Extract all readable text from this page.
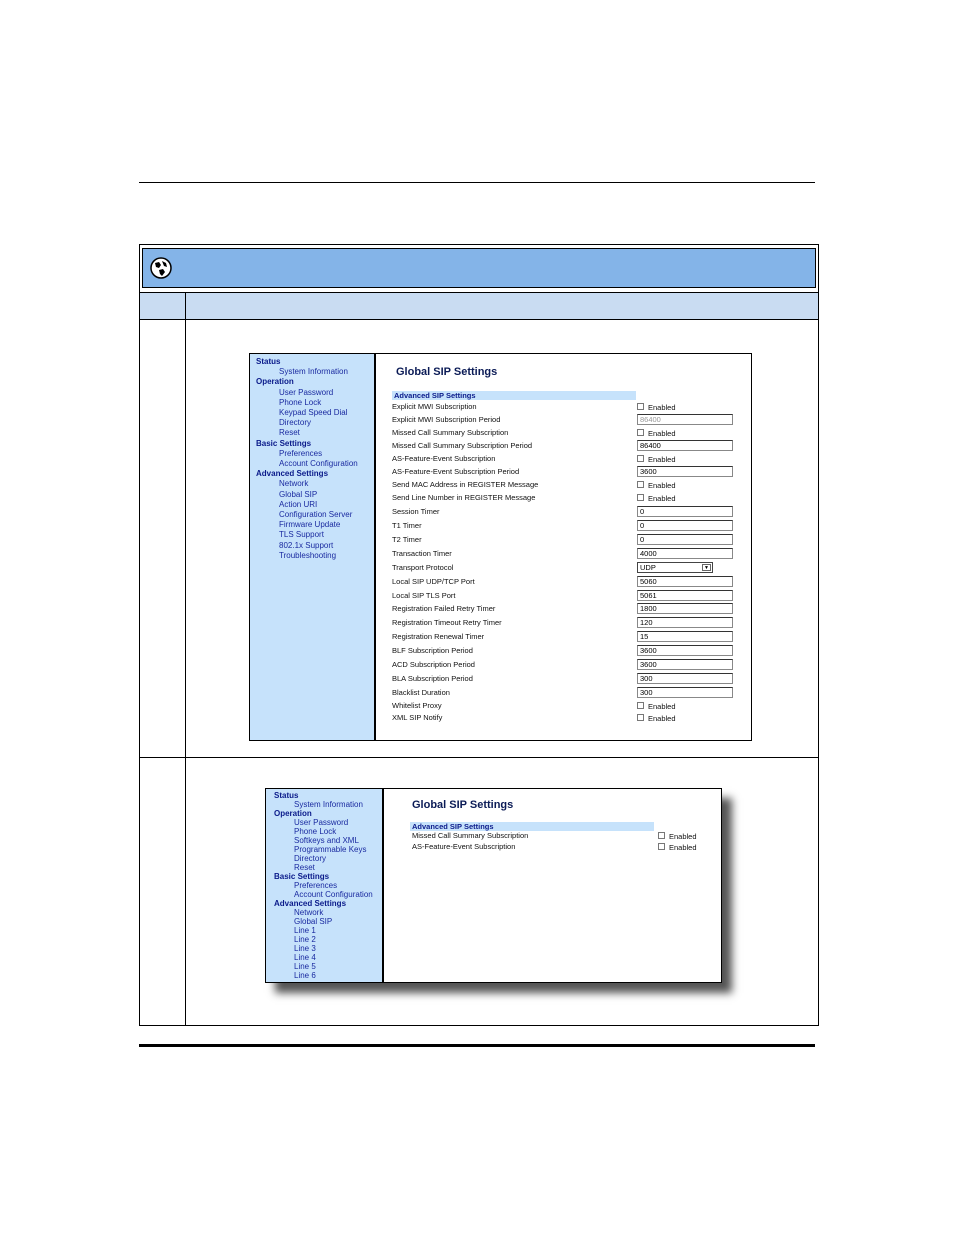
Status
System Information
Operation
User Password
Phone Lock
Keypad Speed Dial
Directory
Reset
Basic Settings
Preferences
Account Configuration
Advanced Settings
Network
Global SIP
Action URI
Configuration Server
Firmware Update
TLS Support
802.1x Support
Troubleshooting
Global SIP Settings
Advanced SIP Settings
Explicit MWI Subscription	Enabled
Explicit MWI Subscription Period	86400
Missed Call Summary Subscription	Enabled
Missed Call Summary Subscription Period	86400
AS-Feature-Event Subscription	Enabled
AS-Feature-Event Subscription Period	3600
Send MAC Address in REGISTER Message	Enabled
Send Line Number in REGISTER Message	Enabled
Session Timer	0
T1 Timer	0
T2 Timer	0
Transaction Timer	4000
Transport Protocol	UDP	▼
Local SIP UDP/TCP Port	5060
Local SIP TLS Port	5061
Registration Failed Retry Timer	1800
Registration Timeout Retry Timer	120
Registration Renewal Timer	15
BLF Subscription Period	3600
ACD Subscription Period	3600
BLA Subscription Period	300
Blacklist Duration	300
Whitelist Proxy	Enabled
XML SIP Notify	Enabled
Status
System Information
Operation
User Password
Phone Lock
Softkeys and XML
Programmable Keys
Directory
Reset
Basic Settings
Preferences
Account Configuration
Advanced Settings
Network
Global SIP
Line 1
Line 2
Line 3
Line 4
Line 5
Line 6
Global SIP Settings
Advanced SIP Settings
Missed Call Summary Subscription	Enabled
AS-Feature-Event Subscription	Enabled
